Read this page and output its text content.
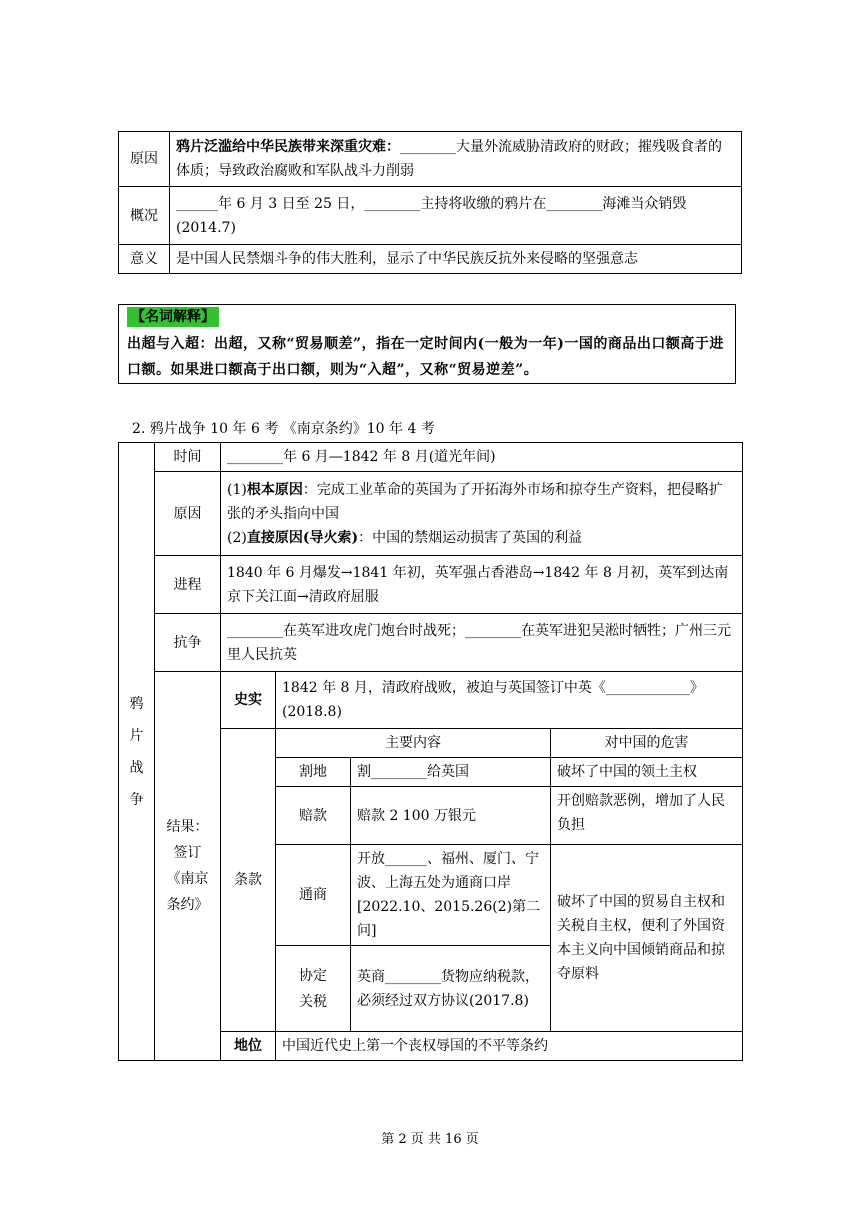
原因	鸦片泛滥给中华民族带来深重灾难：________大量外流威胁清政府的财政；摧残吸食者的体质；导致政治腐败和军队战斗力削弱
概况	______年 6 月 3 日至 25 日，________主持将收缴的鸦片在________海滩当众销毁(2014.7)
意义	是中国人民禁烟斗争的伟大胜利，显示了中华民族反抗外来侵略的坚强意志
【名词解释】
出超与入超：出超，又称“贸易顺差”，指在一定时间内(一般为一年)一国的商品出口额高于进口额。如果进口额高于出口额，则为“入超”，又称“贸易逆差”。
2. 鸦片战争 10 年 6 考 《南京条约》10 年 4 考
鸦
片
战
争	时间	________年 6 月—1842 年 8 月(道光年间)			
	原因	(1)根本原因：完成工业革命的英国为了开拓海外市场和掠夺生产资料，把侵略扩张的矛头指向中国
(2)直接原因(导火索)：中国的禁烟运动损害了英国的利益			

	进程	1840 年 6 月爆发→1841 年初，英军强占香港岛→1842 年 8 月初，英军到达南京下关江面→清政府屈服			
	抗争	________在英军进攻虎门炮台时战死；________在英军进犯吴淞时牺牲；广州三元里人民抗英			

	结果：
签订
《南京
条约》	史实	1842 年 8 月，清政府战败，被迫与英国签订中英《____________》(2018.8)		
		条款	主要内容		对中国的危害
			割地	割________给英国	破坏了中国的领土主权
			赔款	赔款 2 100 万银元	开创赔款恶例，增加了人民负担
			通商	开放______、福州、厦门、宁波、上海五处为通商口岸[2022.10、2015.26(2)第二问]	破坏了中国的贸易自主权和关税自主权，便利了外国资本主义向中国倾销商品和掠夺原料

			协定
关税	英商________货物应纳税款，必须经过双方协议(2017.8)	
		地位	中国近代史上第一个丧权辱国的不平等条约		
第 2 页 共 16 页
